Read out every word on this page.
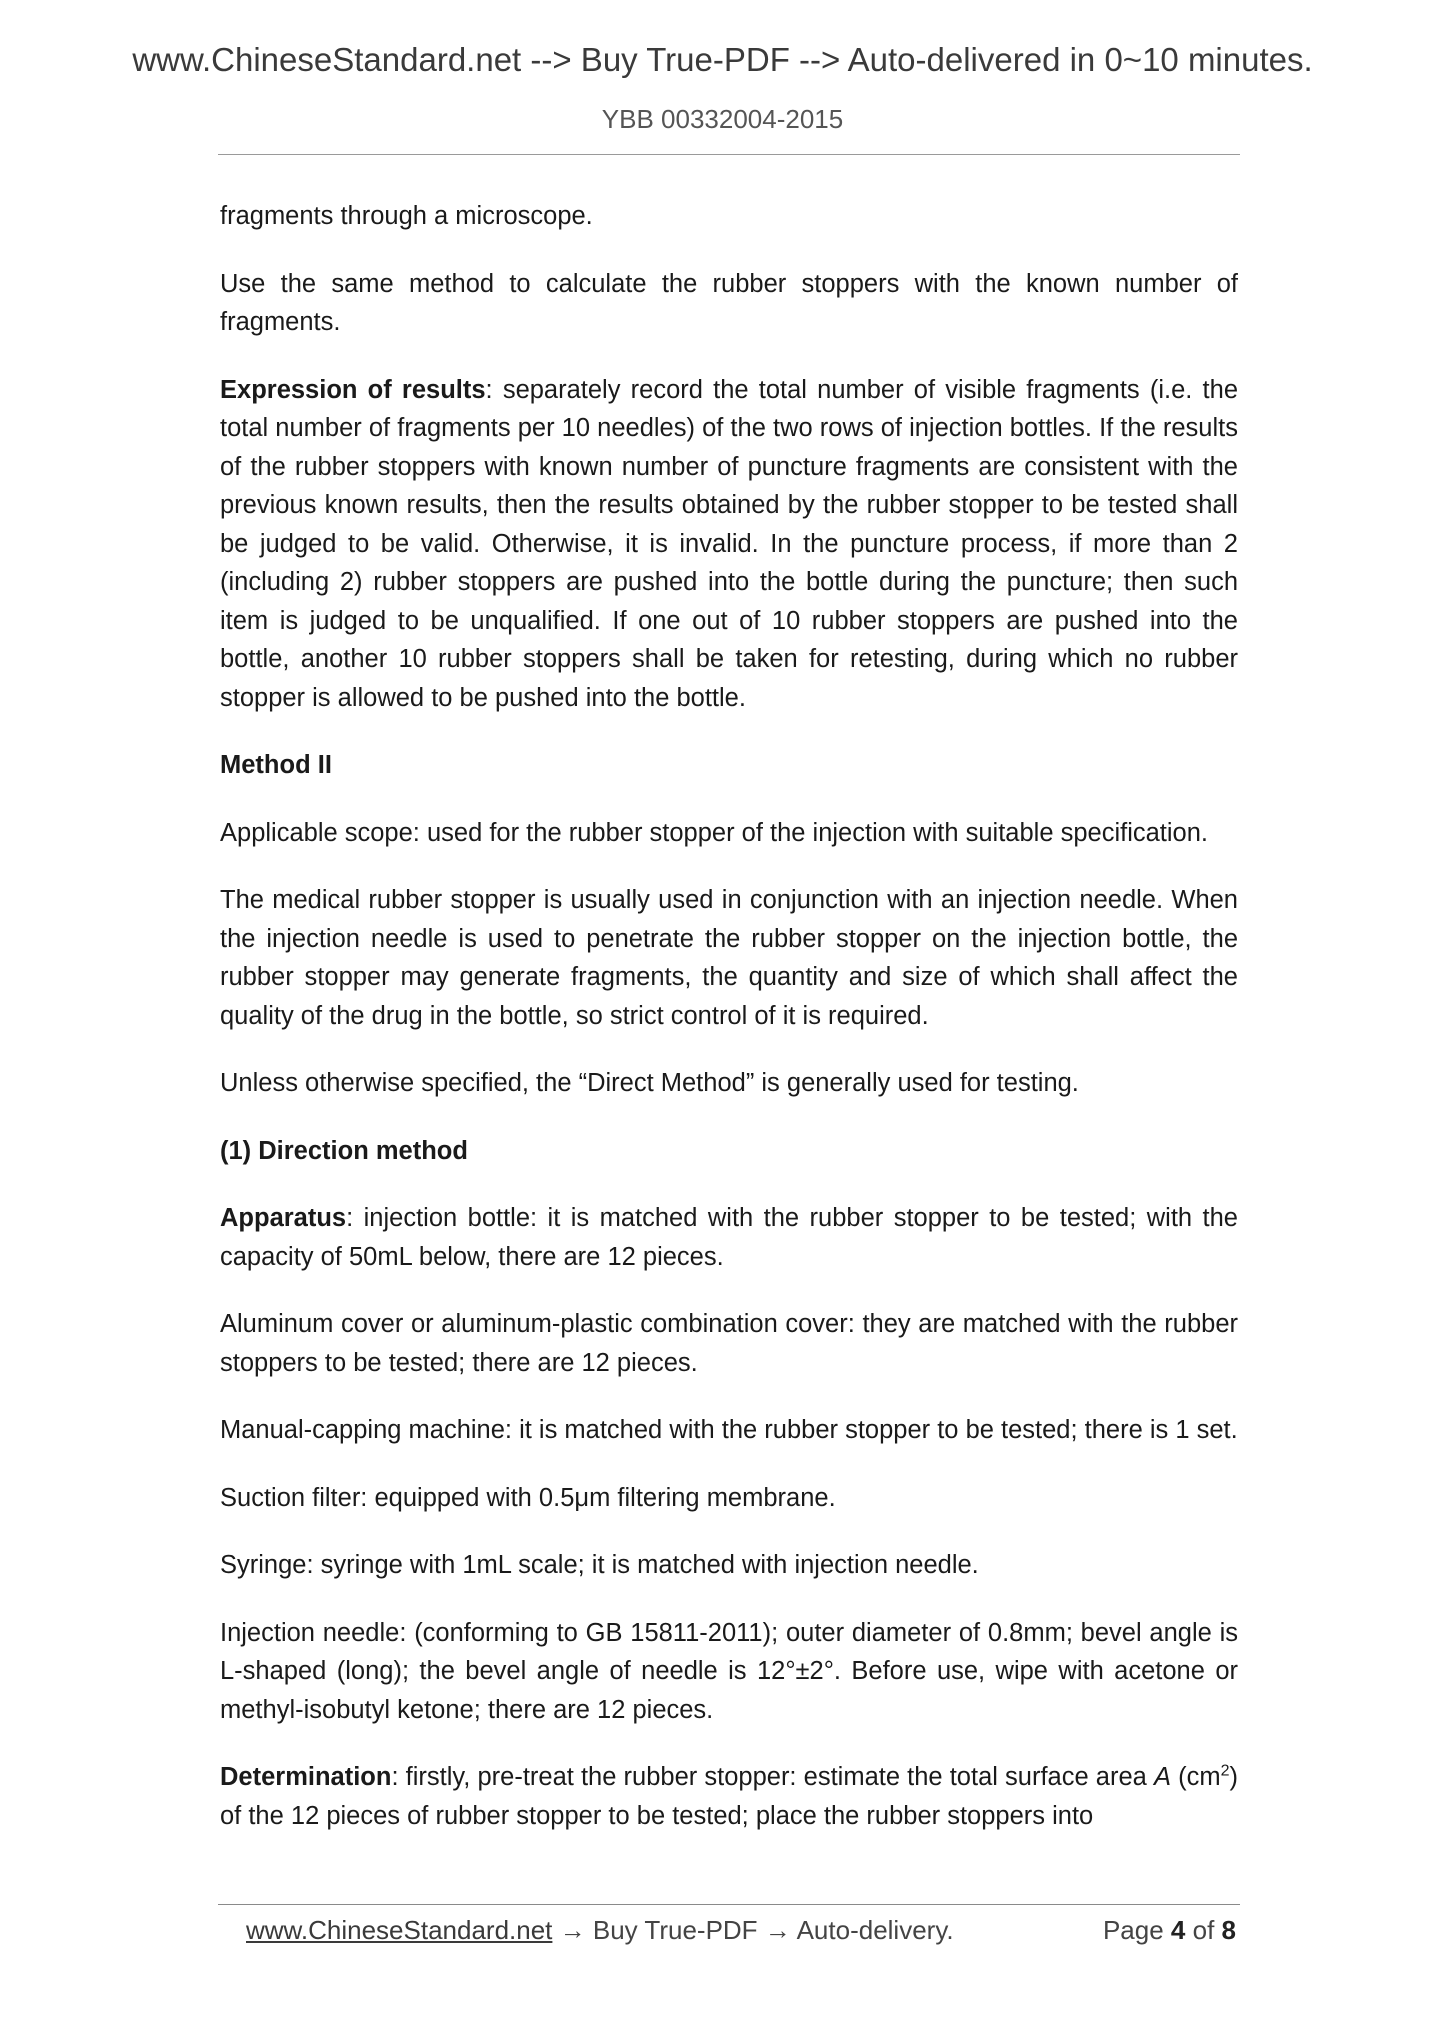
www.ChineseStandard.net --> Buy True-PDF --> Auto-delivered in 0~10 minutes.
YBB 00332004-2015

fragments through a microscope.

Use the same method to calculate the rubber stoppers with the known number of fragments.

Expression of results: separately record the total number of visible fragments (i.e. the total number of fragments per 10 needles) of the two rows of injection bottles. If the results of the rubber stoppers with known number of puncture fragments are consistent with the previous known results, then the results obtained by the rubber stopper to be tested shall be judged to be valid. Otherwise, it is invalid. In the puncture process, if more than 2 (including 2) rubber stoppers are pushed into the bottle during the puncture; then such item is judged to be unqualified. If one out of 10 rubber stoppers are pushed into the bottle, another 10 rubber stoppers shall be taken for retesting, during which no rubber stopper is allowed to be pushed into the bottle.

Method II

Applicable scope: used for the rubber stopper of the injection with suitable specification.

The medical rubber stopper is usually used in conjunction with an injection needle. When the injection needle is used to penetrate the rubber stopper on the injection bottle, the rubber stopper may generate fragments, the quantity and size of which shall affect the quality of the drug in the bottle, so strict control of it is required.

Unless otherwise specified, the “Direct Method” is generally used for testing.

(1) Direction method

Apparatus: injection bottle: it is matched with the rubber stopper to be tested; with the capacity of 50mL below, there are 12 pieces.

Aluminum cover or aluminum-plastic combination cover: they are matched with the rubber stoppers to be tested; there are 12 pieces.

Manual-capping machine: it is matched with the rubber stopper to be tested; there is 1 set.

Suction filter: equipped with 0.5μm filtering membrane.

Syringe: syringe with 1mL scale; it is matched with injection needle.

Injection needle: (conforming to GB 15811-2011); outer diameter of 0.8mm; bevel angle is L-shaped (long); the bevel angle of needle is 12°±2°. Before use, wipe with acetone or methyl-isobutyl ketone; there are 12 pieces.

Determination: firstly, pre-treat the rubber stopper: estimate the total surface area A $(cm^2)$ of the 12 pieces of rubber stopper to be tested; place the rubber stoppers into

www.ChineseStandard.net → Buy True-PDF → Auto-delivery.	Page 4 of 8
